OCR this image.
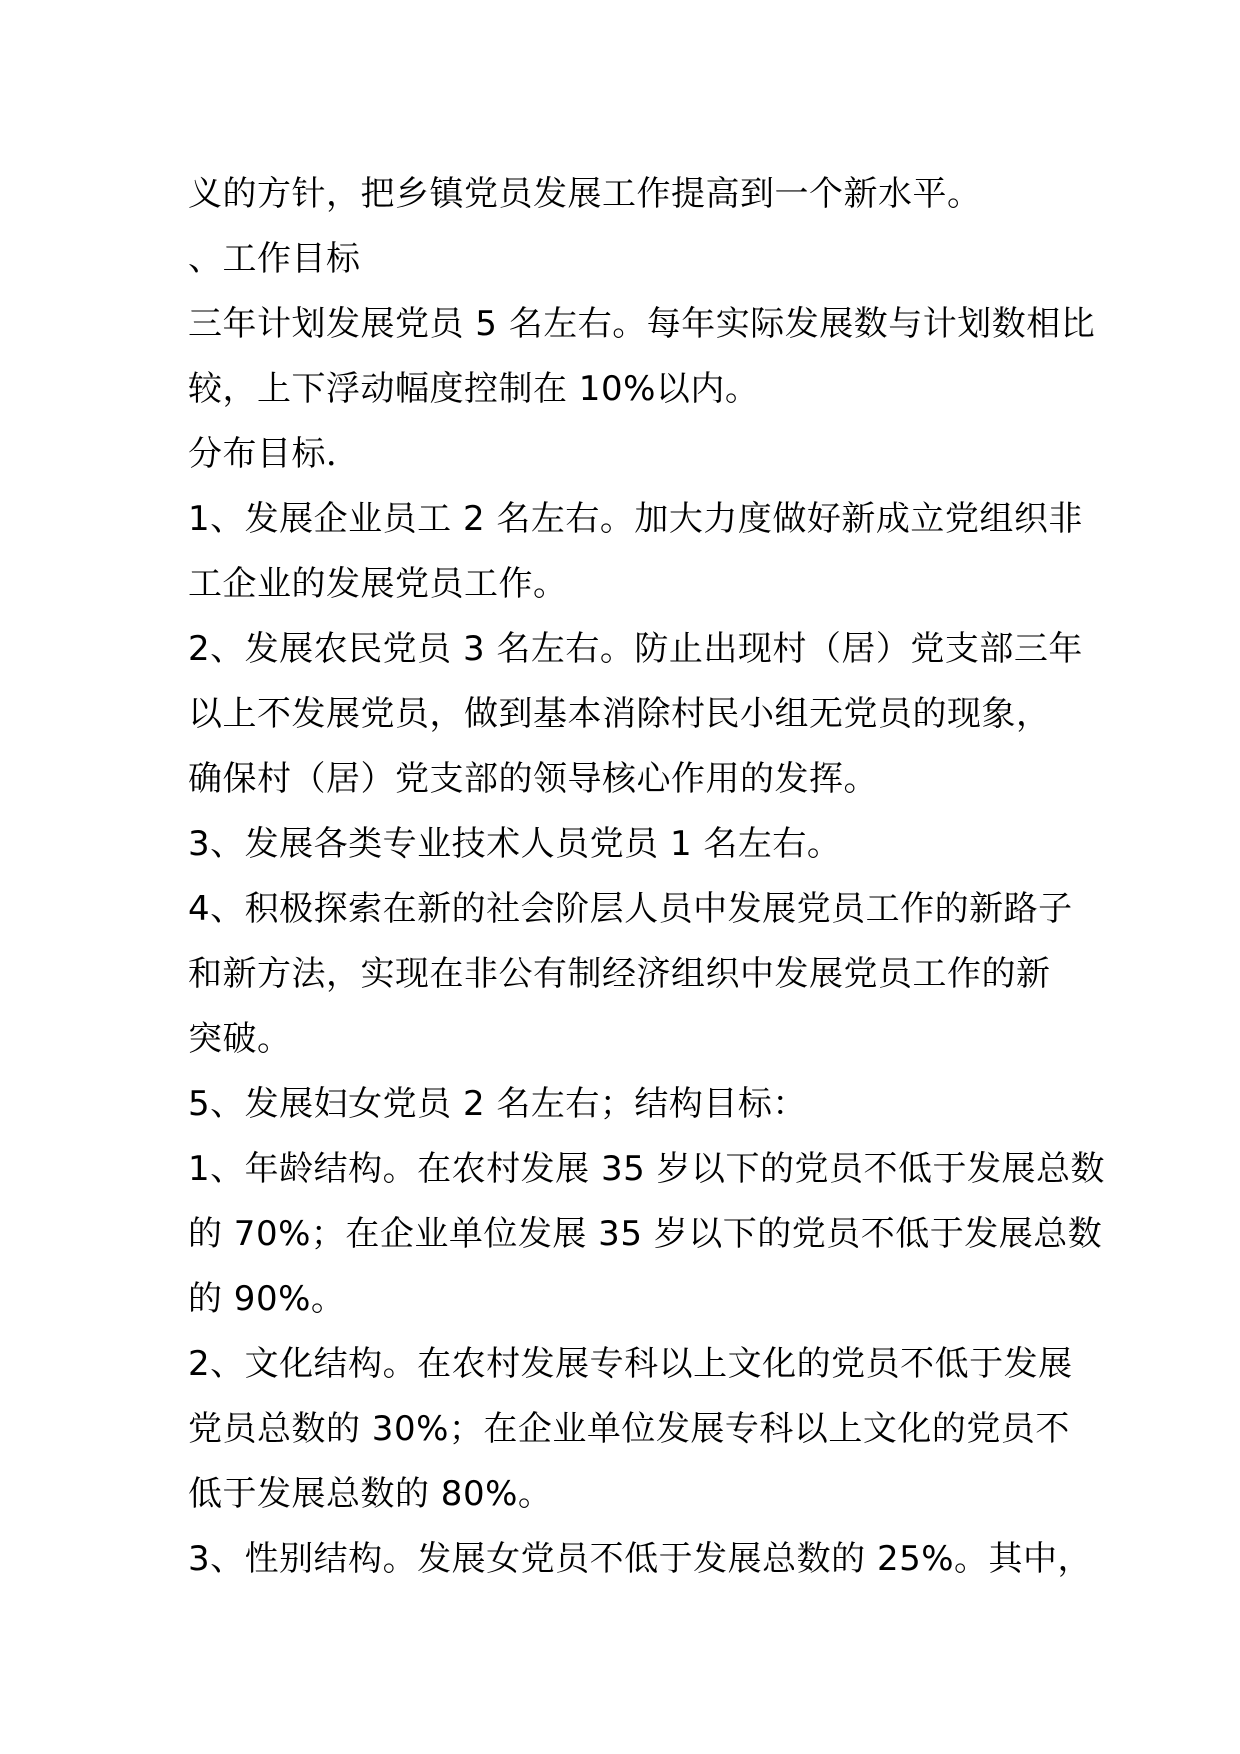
义的方针，把乡镇党员发展工作提高到一个新水平。
、工作目标
三年计划发展党员 5 名左右。每年实际发展数与计划数相比
较，上下浮动幅度控制在 10%以内。
分布目标．
1、发展企业员工 2 名左右。加大力度做好新成立党组织非
工企业的发展党员工作。
2、发展农民党员 3 名左右。防止出现村（居）党支部三年
以上不发展党员，做到基本消除村民小组无党员的现象，
确保村（居）党支部的领导核心作用的发挥。
3、发展各类专业技术人员党员 1 名左右。
4、积极探索在新的社会阶层人员中发展党员工作的新路子
和新方法，实现在非公有制经济组织中发展党员工作的新
突破。
5、发展妇女党员 2 名左右；结构目标：
1、年龄结构。在农村发展 35 岁以下的党员不低于发展总数
的 70%；在企业单位发展 35 岁以下的党员不低于发展总数
的 90%。
2、文化结构。在农村发展专科以上文化的党员不低于发展
党员总数的 30%；在企业单位发展专科以上文化的党员不
低于发展总数的 80%。
3、性别结构。发展女党员不低于发展总数的 25%。其中，
